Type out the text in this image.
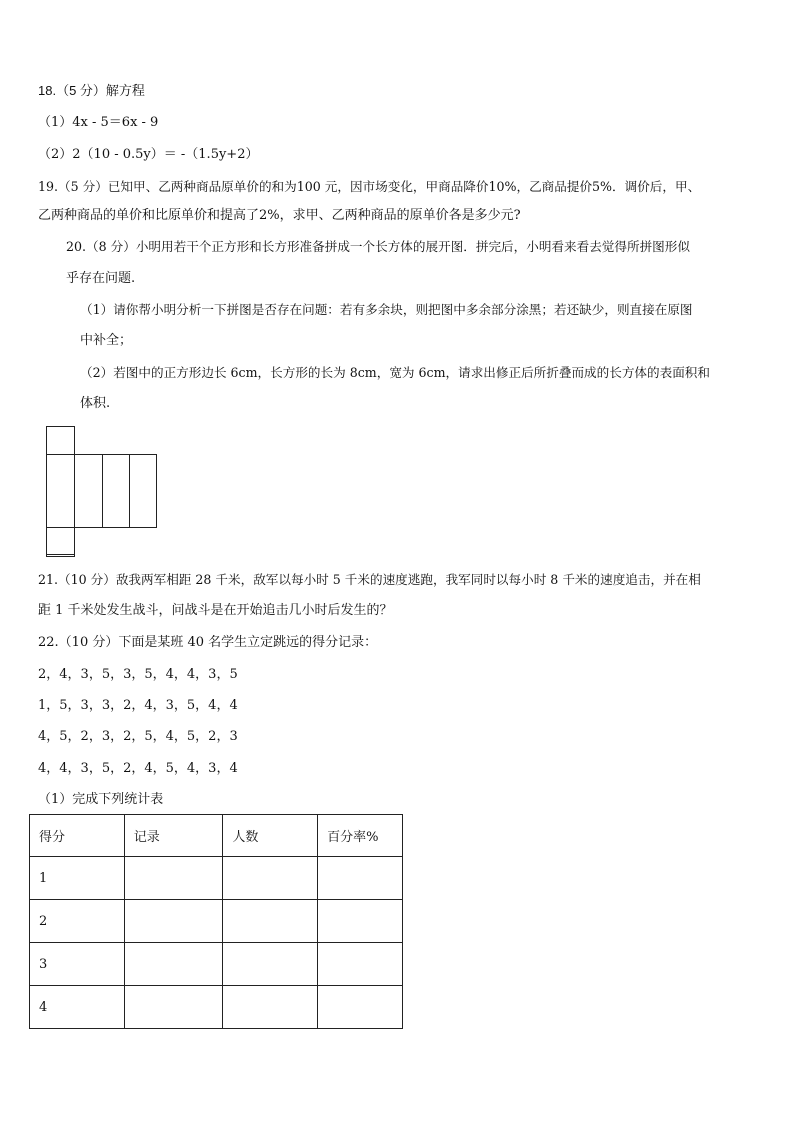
18.（5 分）解方程
（1）4x - 5＝6x - 9
（2）2（10 - 0.5y）＝ -（1.5y+2）
19.（5 分）已知甲、乙两种商品原单价的和为100 元，因市场变化，甲商品降价10%，乙商品提价5%．调价后，甲、
乙两种商品的单价和比原单价和提高了2%，求甲、乙两种商品的原单价各是多少元?
20.（8 分）小明用若干个正方形和长方形准备拼成一个长方体的展开图．拼完后，小明看来看去觉得所拼图形似
乎存在问题.
（1）请你帮小明分析一下拼图是否存在问题：若有多余块，则把图中多余部分涂黑；若还缺少，则直接在原图
中补全；
（2）若图中的正方形边长 6cm，长方形的长为 8cm，宽为 6cm，请求出修正后所折叠而成的长方体的表面积和
体积.
21.（10 分）敌我两军相距 28 千米，敌军以每小时 5 千米的速度逃跑，我军同时以每小时 8 千米的速度追击，并在相
距 1 千米处发生战斗，问战斗是在开始追击几小时后发生的？
22.（10 分）下面是某班 40 名学生立定跳远的得分记录：
2，4，3，5，3，5，4，4，3，5
1，5，3，3，2，4，3，5，4，4
4，5，2，3，2，5，4，5，2，3
4，4，3，5，2，4，5，4，3，4
（1）完成下列统计表
得分	记录	人数	百分率%
1			
2			
3			
4			
